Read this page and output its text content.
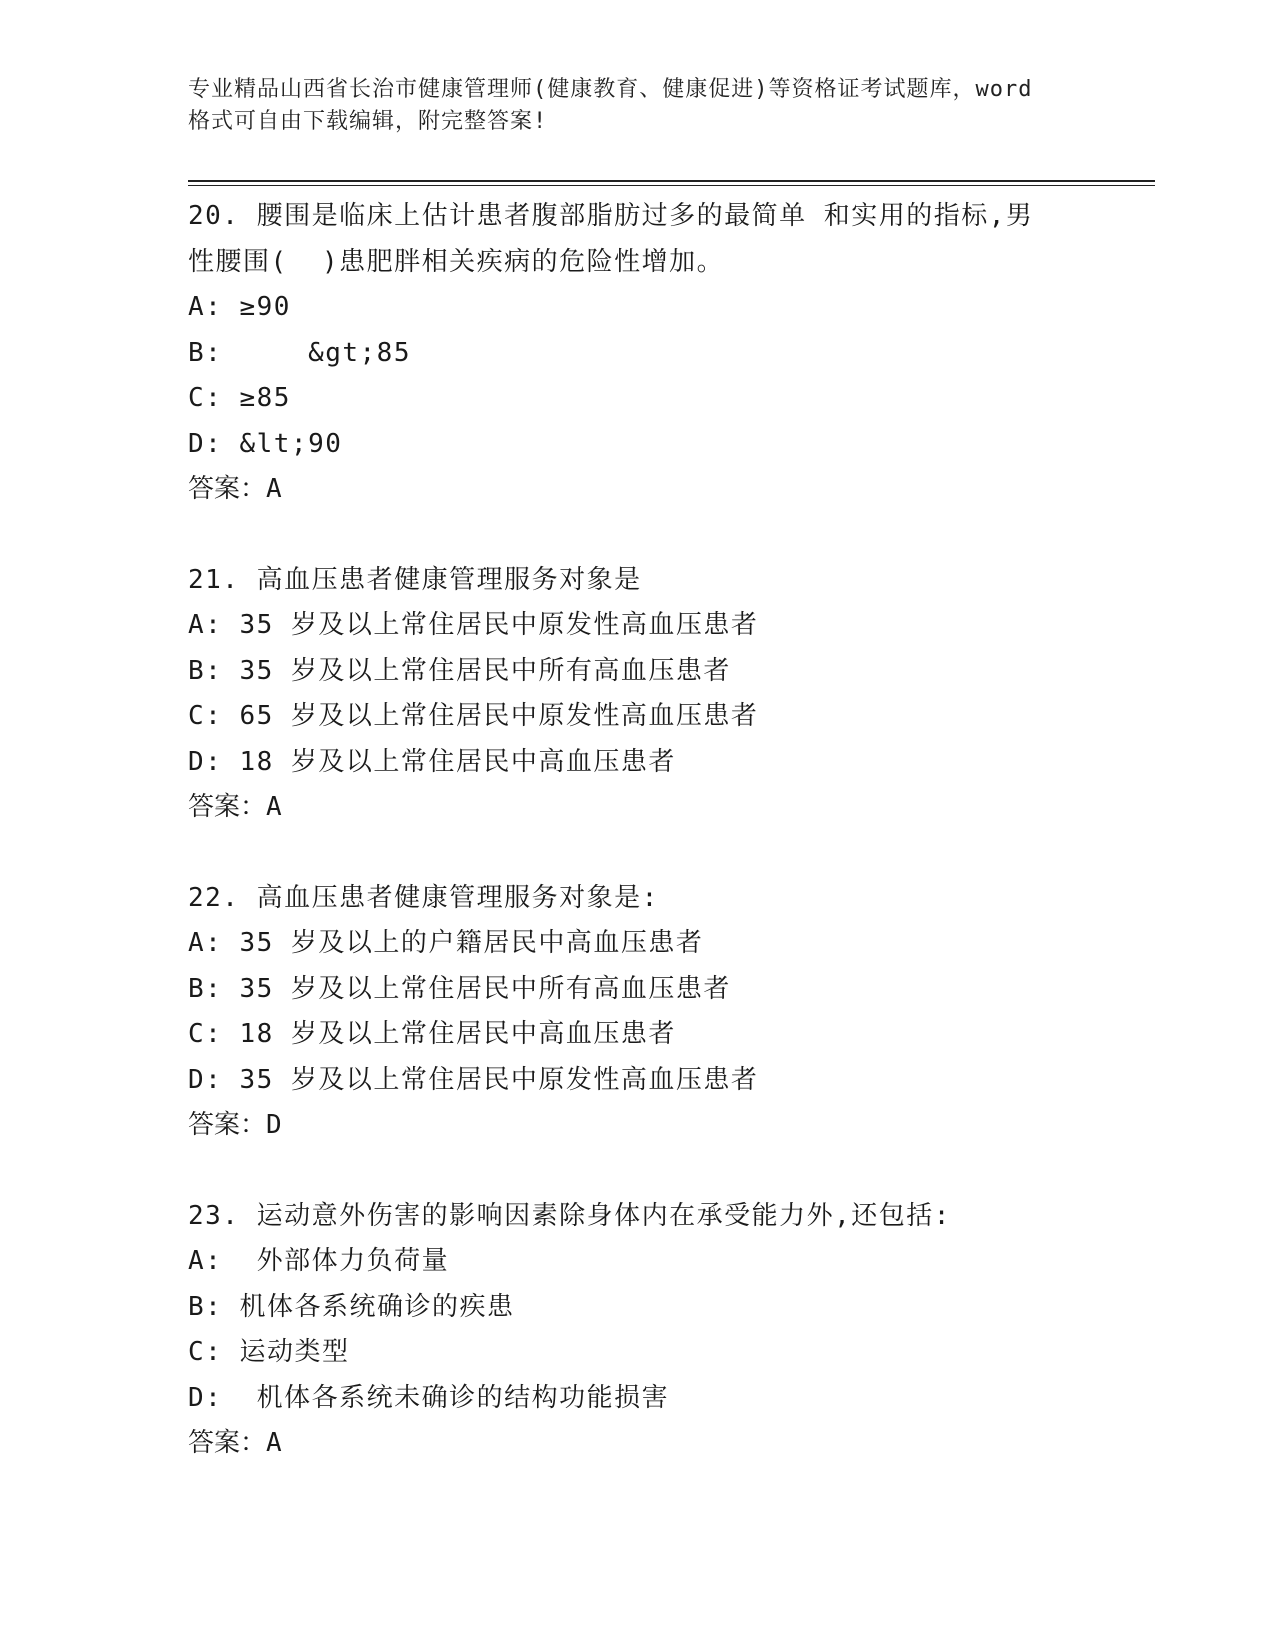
专业精品山西省长治市健康管理师(健康教育、健康促进)等资格证考试题库，word
格式可自由下载编辑，附完整答案!
20. 腰围是临床上估计患者腹部脂肪过多的最简单 和实用的指标,男
性腰围(  )患肥胖相关疾病的危险性增加。
A: ≥90
B:     &gt;85
C: ≥85
D: &lt;90
答案：A
21. 高血压患者健康管理服务对象是
A: 35 岁及以上常住居民中原发性高血压患者
B: 35 岁及以上常住居民中所有高血压患者
C: 65 岁及以上常住居民中原发性高血压患者
D: 18 岁及以上常住居民中高血压患者
答案：A
22. 高血压患者健康管理服务对象是:
A: 35 岁及以上的户籍居民中高血压患者
B: 35 岁及以上常住居民中所有高血压患者
C: 18 岁及以上常住居民中高血压患者
D: 35 岁及以上常住居民中原发性高血压患者
答案：D
23. 运动意外伤害的影响因素除身体内在承受能力外,还包括:
A:  外部体力负荷量
B: 机体各系统确诊的疾患
C: 运动类型
D:  机体各系统未确诊的结构功能损害
答案：A
